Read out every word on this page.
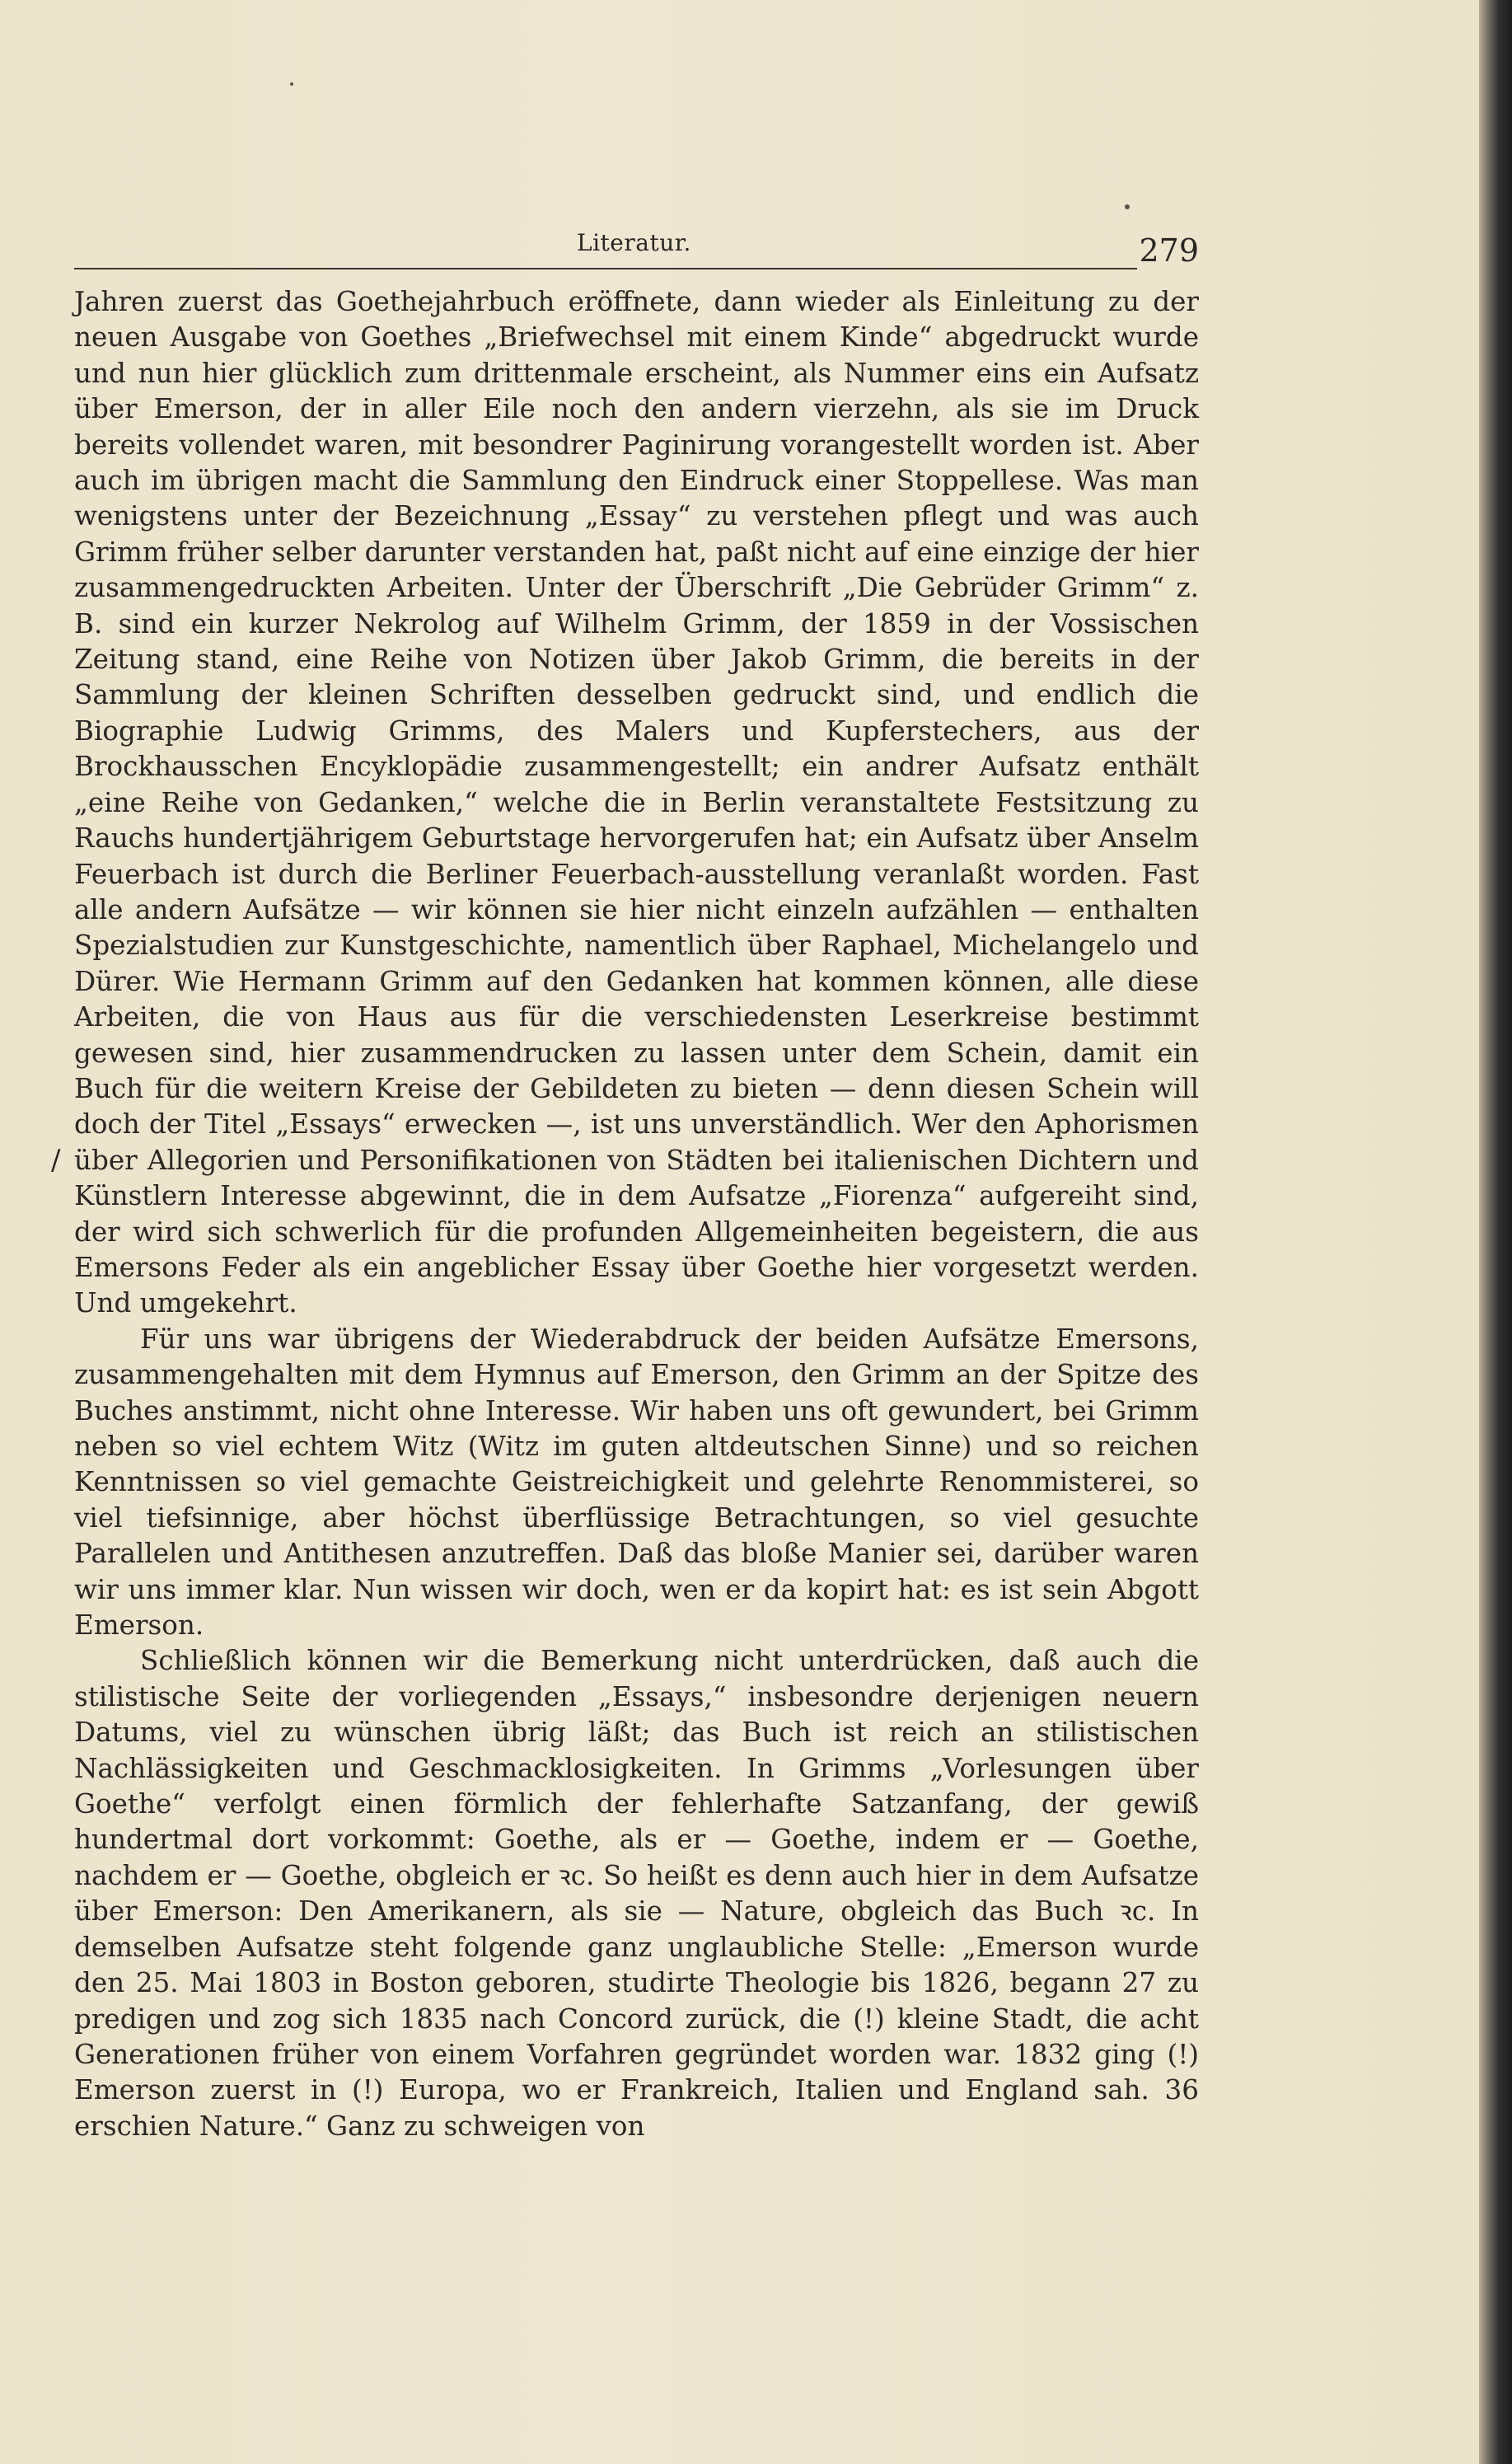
Literatur.	279
/

Jahren zuerst das Goethejahrbuch eröffnete, dann wieder als Einleitung zu der neuen Ausgabe von Goethes „Briefwechsel mit einem Kinde“ abgedruckt wurde und nun hier glücklich zum drittenmale erscheint, als Nummer eins ein Aufsatz über Emerson, der in aller Eile noch den andern vierzehn, als sie im Druck bereits vollendet waren, mit besondrer Paginirung vorangestellt worden ist. Aber auch im übrigen macht die Sammlung den Eindruck einer Stoppellese. Was man wenigstens unter der Bezeichnung „Essay“ zu verstehen pflegt und was auch Grimm früher selber darunter verstanden hat, paßt nicht auf eine einzige der hier zusammengedruckten Arbeiten. Unter der Überschrift „Die Gebrüder Grimm“ z. B. sind ein kurzer Nekrolog auf Wilhelm Grimm, der 1859 in der Vossischen Zeitung stand, eine Reihe von Notizen über Jakob Grimm, die bereits in der Sammlung der kleinen Schriften desselben gedruckt sind, und endlich die Biographie Ludwig Grimms, des Malers und Kupferstechers, aus der Brockhausschen Encyklopädie zusammengestellt; ein andrer Aufsatz enthält „eine Reihe von Gedanken,“ welche die in Berlin veranstaltete Festsitzung zu Rauchs hundertjährigem Geburtstage hervorgerufen hat; ein Aufsatz über Anselm Feuerbach ist durch die Berliner Feuerbach-ausstellung veranlaßt worden. Fast alle andern Aufsätze — wir können sie hier nicht einzeln aufzählen — enthalten Spezialstudien zur Kunstgeschichte, namentlich über Raphael, Michelangelo und Dürer. Wie Hermann Grimm auf den Gedanken hat kommen können, alle diese Arbeiten, die von Haus aus für die verschiedensten Leserkreise bestimmt gewesen sind, hier zusammendrucken zu lassen unter dem Schein, damit ein Buch für die weitern Kreise der Gebildeten zu bieten — denn diesen Schein will doch der Titel „Essays“ erwecken —, ist uns unverständlich. Wer den Aphorismen über Allegorien und Personifikationen von Städten bei italienischen Dichtern und Künstlern Interesse abgewinnt, die in dem Aufsatze „Fiorenza“ aufgereiht sind, der wird sich schwerlich für die profunden Allgemeinheiten begeistern, die aus Emersons Feder als ein angeblicher Essay über Goethe hier vorgesetzt werden. Und umgekehrt.

Für uns war übrigens der Wiederabdruck der beiden Aufsätze Emersons, zusammengehalten mit dem Hymnus auf Emerson, den Grimm an der Spitze des Buches anstimmt, nicht ohne Interesse. Wir haben uns oft gewundert, bei Grimm neben so viel echtem Witz (Witz im guten altdeutschen Sinne) und so reichen Kenntnissen so viel gemachte Geistreichigkeit und gelehrte Renommisterei, so viel tiefsinnige, aber höchst überflüssige Betrachtungen, so viel gesuchte Parallelen und Antithesen anzutreffen. Daß das bloße Manier sei, darüber waren wir uns immer klar. Nun wissen wir doch, wen er da kopirt hat: es ist sein Abgott Emerson.

Schließlich können wir die Bemerkung nicht unterdrücken, daß auch die stilistische Seite der vorliegenden „Essays,“ insbesondre derjenigen neuern Datums, viel zu wünschen übrig läßt; das Buch ist reich an stilistischen Nachlässigkeiten und Geschmacklosigkeiten. In Grimms „Vorlesungen über Goethe“ verfolgt einen förmlich der fehlerhafte Satzanfang, der gewiß hundertmal dort vorkommt: Goethe, als er — Goethe, indem er — Goethe, nachdem er — Goethe, obgleich er ꝛc. So heißt es denn auch hier in dem Aufsatze über Emerson: Den Amerikanern, als sie — Nature, obgleich das Buch ꝛc. In demselben Aufsatze steht folgende ganz unglaubliche Stelle: „Emerson wurde den 25. Mai 1803 in Boston geboren, studirte Theologie bis 1826, begann 27 zu predigen und zog sich 1835 nach Concord zurück, die (!) kleine Stadt, die acht Generationen früher von einem Vorfahren gegründet worden war. 1832 ging (!) Emerson zuerst in (!) Europa, wo er Frankreich, Italien und England sah. 36 erschien Nature.“ Ganz zu schweigen von
